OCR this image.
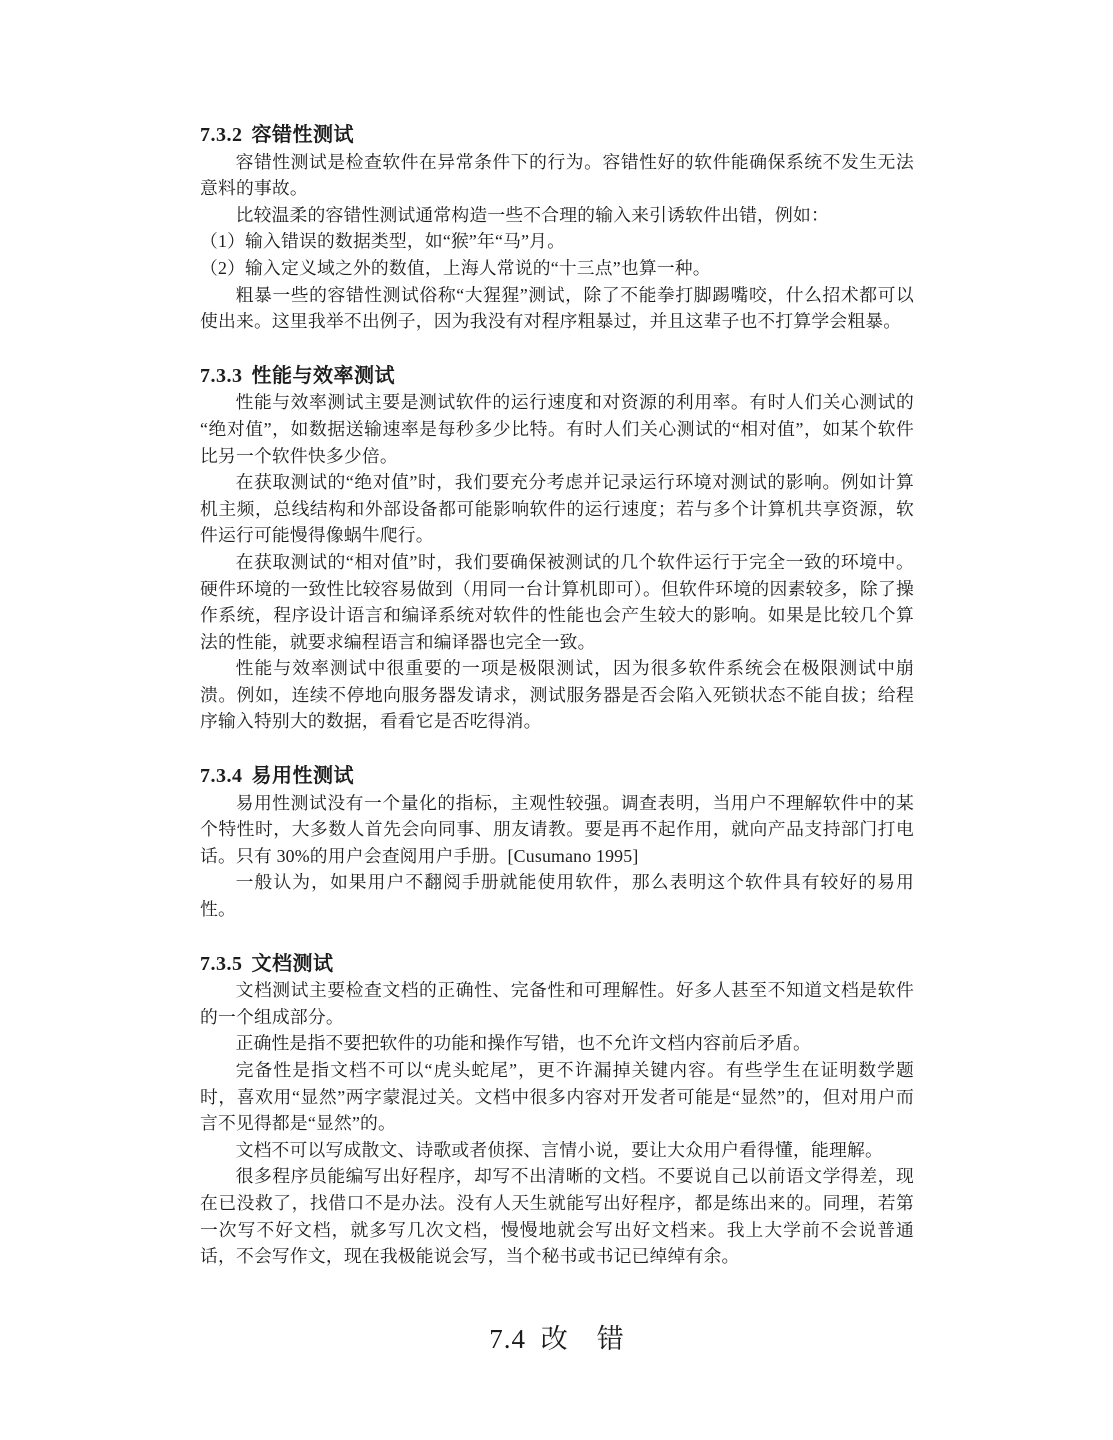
7.3.2 容错性测试

容错性测试是检查软件在异常条件下的行为。容错性好的软件能确保系统不发生无法意料的事故。

比较温柔的容错性测试通常构造一些不合理的输入来引诱软件出错，例如：

（1）输入错误的数据类型，如“猴”年“马”月。

（2）输入定义域之外的数值，上海人常说的“十三点”也算一种。

粗暴一些的容错性测试俗称“大猩猩”测试，除了不能拳打脚踢嘴咬，什么招术都可以使出来。这里我举不出例子，因为我没有对程序粗暴过，并且这辈子也不打算学会粗暴。

7.3.3 性能与效率测试

性能与效率测试主要是测试软件的运行速度和对资源的利用率。有时人们关心测试的“绝对值”，如数据送输速率是每秒多少比特。有时人们关心测试的“相对值”，如某个软件比另一个软件快多少倍。

在获取测试的“绝对值”时，我们要充分考虑并记录运行环境对测试的影响。例如计算机主频，总线结构和外部设备都可能影响软件的运行速度；若与多个计算机共享资源，软件运行可能慢得像蜗牛爬行。

在获取测试的“相对值”时，我们要确保被测试的几个软件运行于完全一致的环境中。硬件环境的一致性比较容易做到（用同一台计算机即可）。但软件环境的因素较多，除了操作系统，程序设计语言和编译系统对软件的性能也会产生较大的影响。如果是比较几个算法的性能，就要求编程语言和编译器也完全一致。

性能与效率测试中很重要的一项是极限测试，因为很多软件系统会在极限测试中崩溃。例如，连续不停地向服务器发请求，测试服务器是否会陷入死锁状态不能自拔；给程序输入特别大的数据，看看它是否吃得消。

7.3.4 易用性测试

易用性测试没有一个量化的指标，主观性较强。调查表明，当用户不理解软件中的某个特性时，大多数人首先会向同事、朋友请教。要是再不起作用，就向产品支持部门打电话。只有 30%的用户会查阅用户手册。[Cusumano 1995]

一般认为，如果用户不翻阅手册就能使用软件，那么表明这个软件具有较好的易用性。

7.3.5 文档测试

文档测试主要检查文档的正确性、完备性和可理解性。好多人甚至不知道文档是软件的一个组成部分。

正确性是指不要把软件的功能和操作写错，也不允许文档内容前后矛盾。

完备性是指文档不可以“虎头蛇尾”，更不许漏掉关键内容。有些学生在证明数学题时，喜欢用“显然”两字蒙混过关。文档中很多内容对开发者可能是“显然”的，但对用户而言不见得都是“显然”的。

文档不可以写成散文、诗歌或者侦探、言情小说，要让大众用户看得懂，能理解。

很多程序员能编写出好程序，却写不出清晰的文档。不要说自己以前语文学得差，现在已没救了，找借口不是办法。没有人天生就能写出好程序，都是练出来的。同理，若第一次写不好文档，就多写几次文档，慢慢地就会写出好文档来。我上大学前不会说普通话，不会写作文，现在我极能说会写，当个秘书或书记已绰绰有余。

7.4 改　错
